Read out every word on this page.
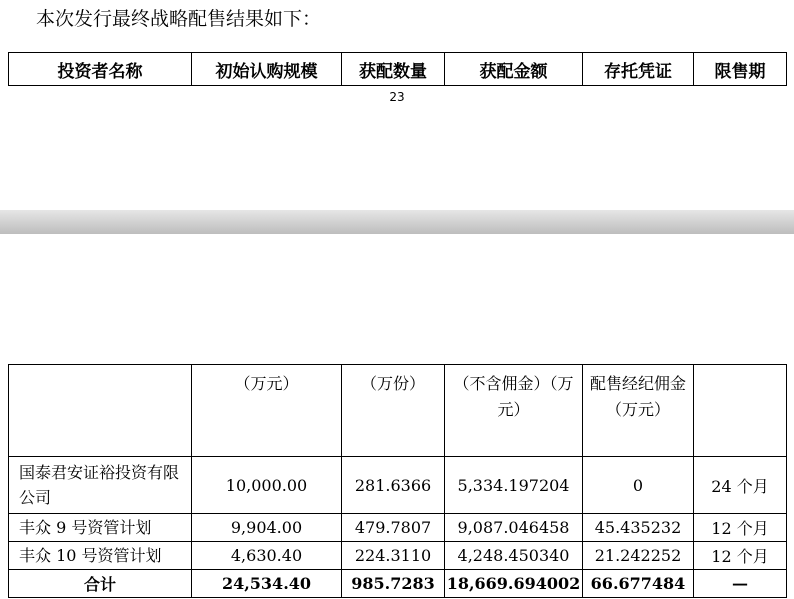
本次发行最终战略配售结果如下：
投资者名称	初始认购规模	获配数量	获配金额	存托凭证	限售期
23
	（万元）	（万份）	（不含佣金）（万元）	配售经纪佣金（万元）	
国泰君安证裕投资有限公司	10,000.00	281.6366	5,334.197204	0	24 个月
丰众 9 号资管计划	9,904.00	479.7807	9,087.046458	45.435232	12 个月
丰众 10 号资管计划	4,630.40	224.3110	4,248.450340	21.242252	12 个月
合计	24,534.40	985.7283	18,669.694002	66.677484	—
